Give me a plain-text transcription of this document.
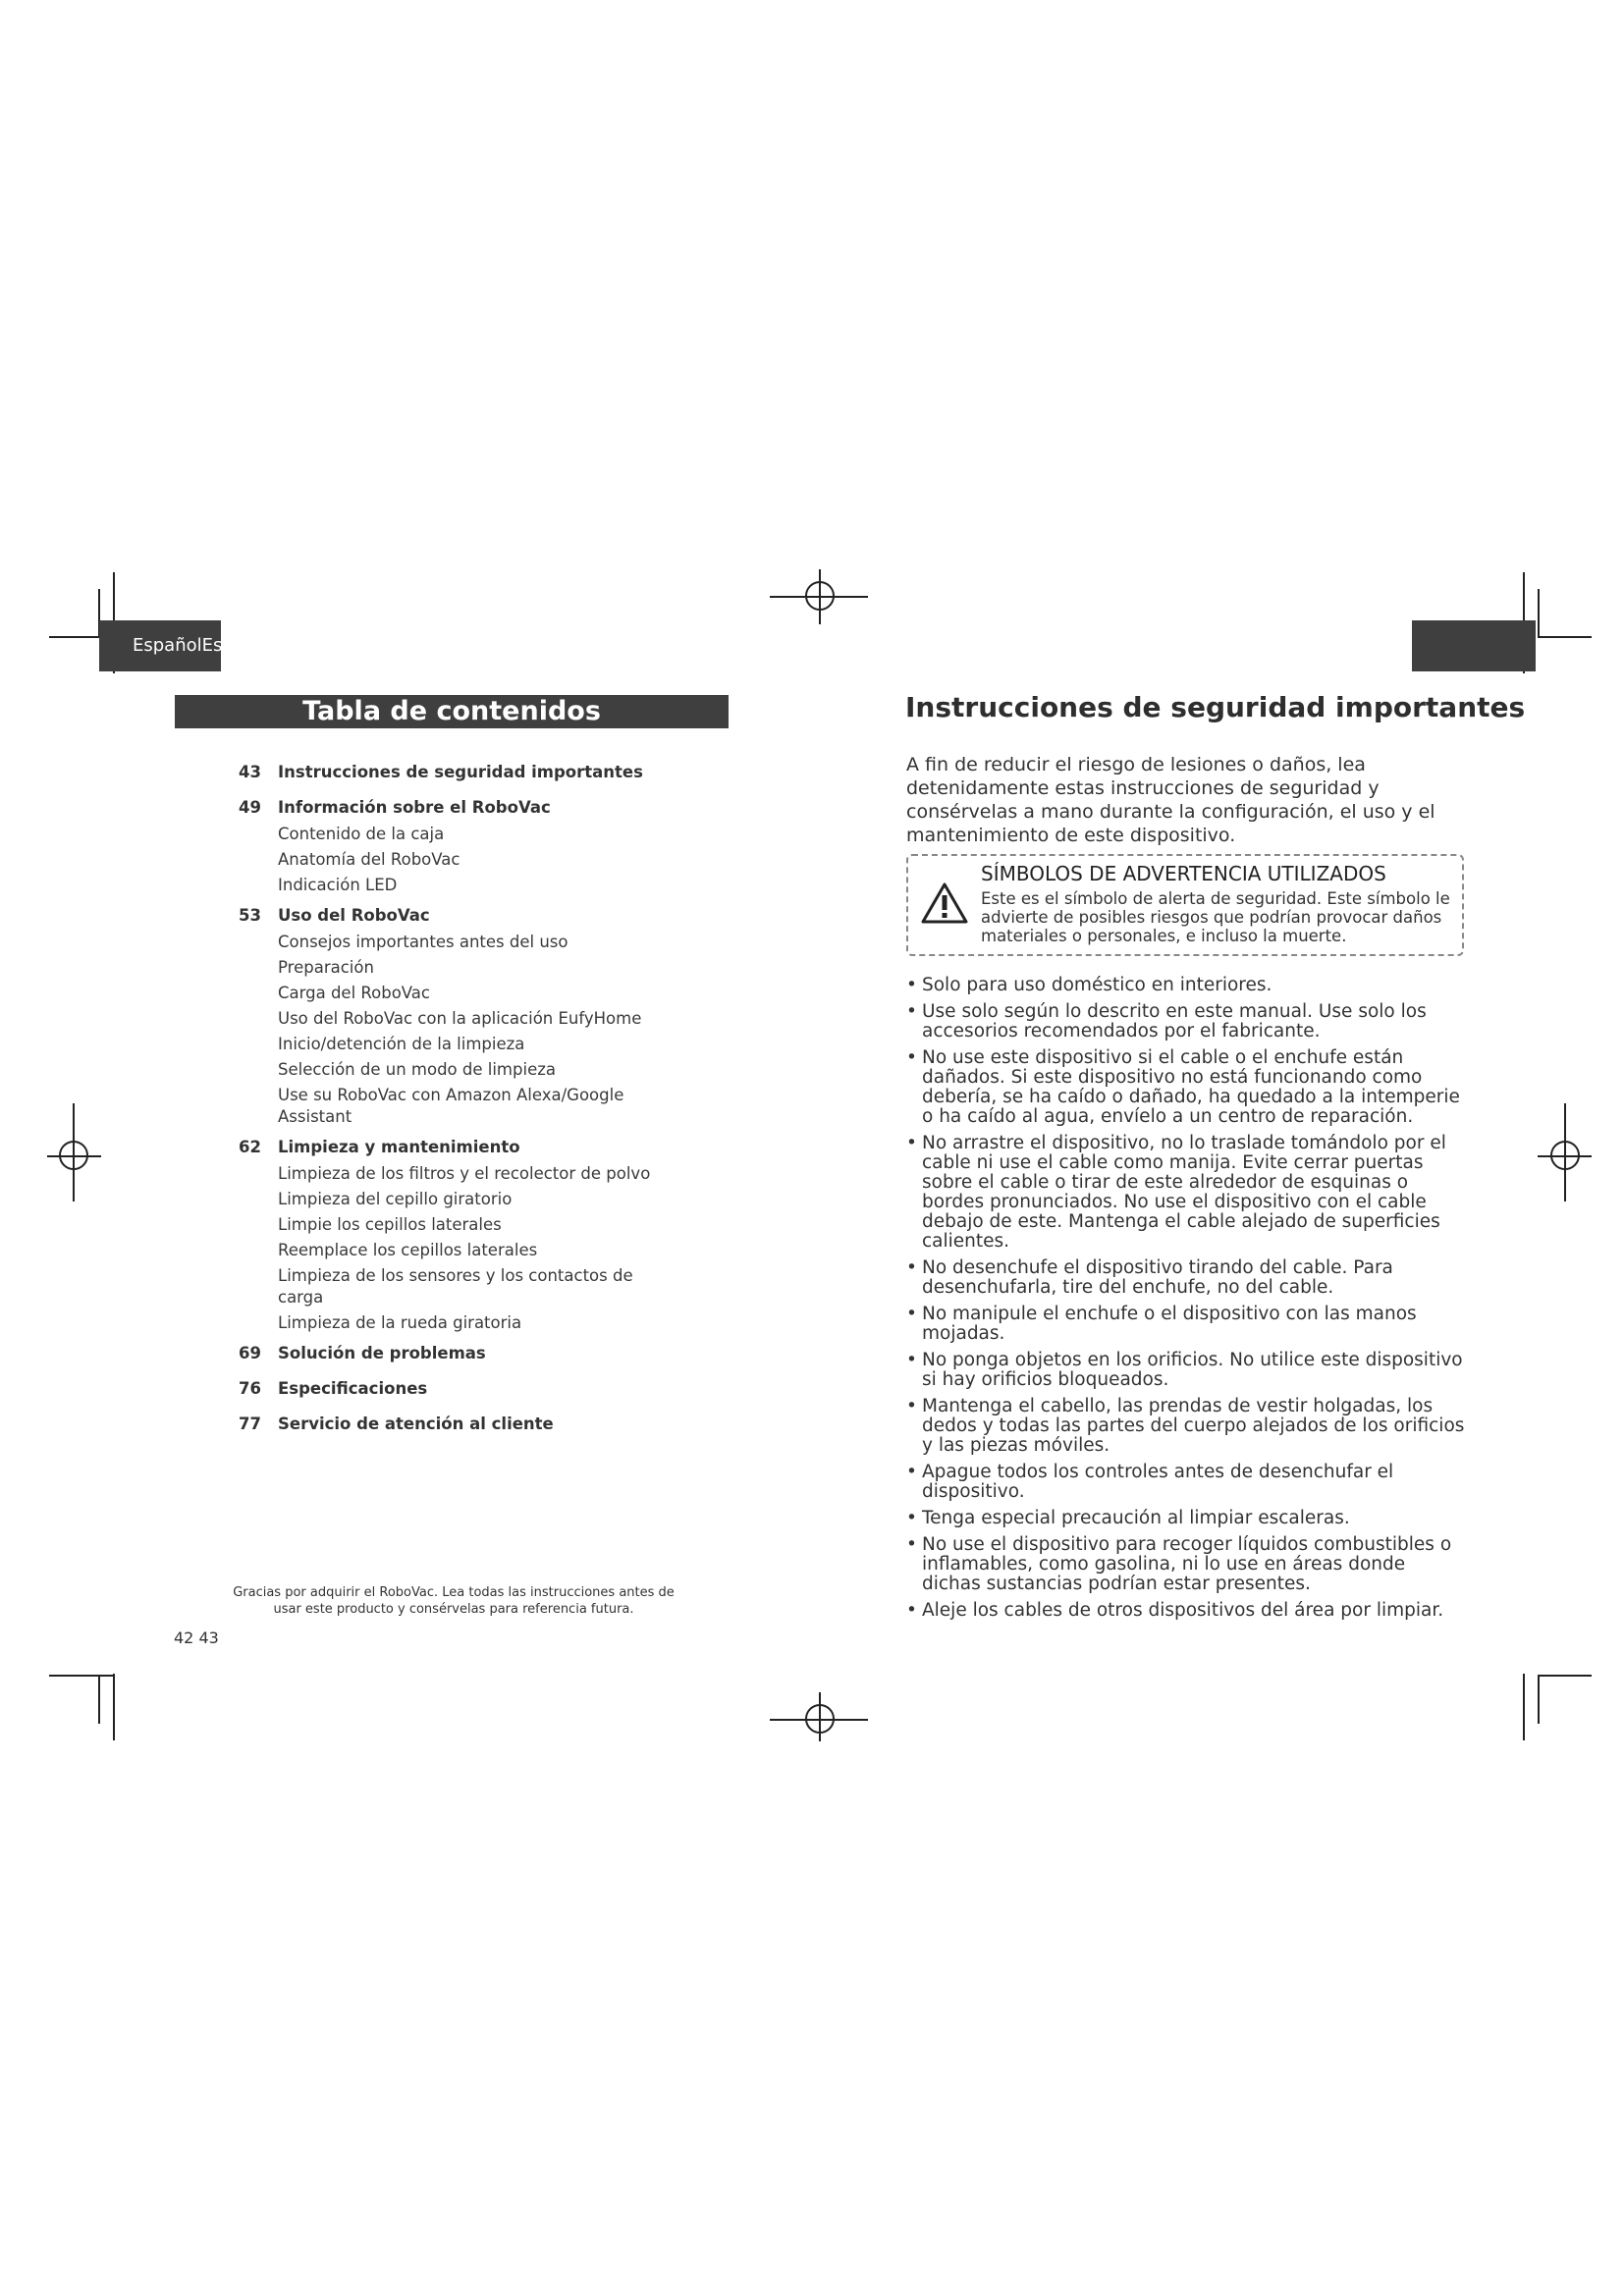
EspañolEsp
Tabla de contenidos
43	Instrucciones de seguridad importantes
49	Información sobre el RoboVac
Contenido de la caja
Anatomía del RoboVac
Indicación LED
53	Uso del RoboVac
Consejos importantes antes del uso
Preparación
Carga del RoboVac
Uso del RoboVac con la aplicación EufyHome
Inicio/detención de la limpieza
Selección de un modo de limpieza
Use su RoboVac con Amazon Alexa/Google Assistant
62	Limpieza y mantenimiento
Limpieza de los filtros y el recolector de polvo
Limpieza del cepillo giratorio
Limpie los cepillos laterales
Reemplace los cepillos laterales
Limpieza de los sensores y los contactos de carga
Limpieza de la rueda giratoria
69	Solución de problemas
76	Especificaciones
77	Servicio de atención al cliente
Gracias por adquirir el RoboVac. Lea todas las instrucciones antes de usar este producto y consérvelas para referencia futura.
42 43
Instrucciones de seguridad importantes
A fin de reducir el riesgo de lesiones o daños, lea detenidamente estas instrucciones de seguridad y consérvelas a mano durante la configuración, el uso y el mantenimiento de este dispositivo.
SÍMBOLOS DE ADVERTENCIA UTILIZADOS
Este es el símbolo de alerta de seguridad. Este símbolo le advierte de posibles riesgos que podrían provocar daños materiales o personales, e incluso la muerte.
• Solo para uso doméstico en interiores.
• Use solo según lo descrito en este manual. Use solo los accesorios recomendados por el fabricante.
• No use este dispositivo si el cable o el enchufe están dañados. Si este dispositivo no está funcionando como debería, se ha caído o dañado, ha quedado a la intemperie o ha caído al agua, envíelo a un centro de reparación.
• No arrastre el dispositivo, no lo traslade tomándolo por el cable ni use el cable como manija. Evite cerrar puertas sobre el cable o tirar de este alrededor de esquinas o bordes pronunciados. No use el dispositivo con el cable debajo de este. Mantenga el cable alejado de superficies calientes.
• No desenchufe el dispositivo tirando del cable. Para desenchufarla, tire del enchufe, no del cable.
• No manipule el enchufe o el dispositivo con las manos mojadas.
• No ponga objetos en los orificios. No utilice este dispositivo si hay orificios bloqueados.
• Mantenga el cabello, las prendas de vestir holgadas, los dedos y todas las partes del cuerpo alejados de los orificios y las piezas móviles.
• Apague todos los controles antes de desenchufar el dispositivo.
• Tenga especial precaución al limpiar escaleras.
• No use el dispositivo para recoger líquidos combustibles o inflamables, como gasolina, ni lo use en áreas donde dichas sustancias podrían estar presentes.
• Aleje los cables de otros dispositivos del área por limpiar.
